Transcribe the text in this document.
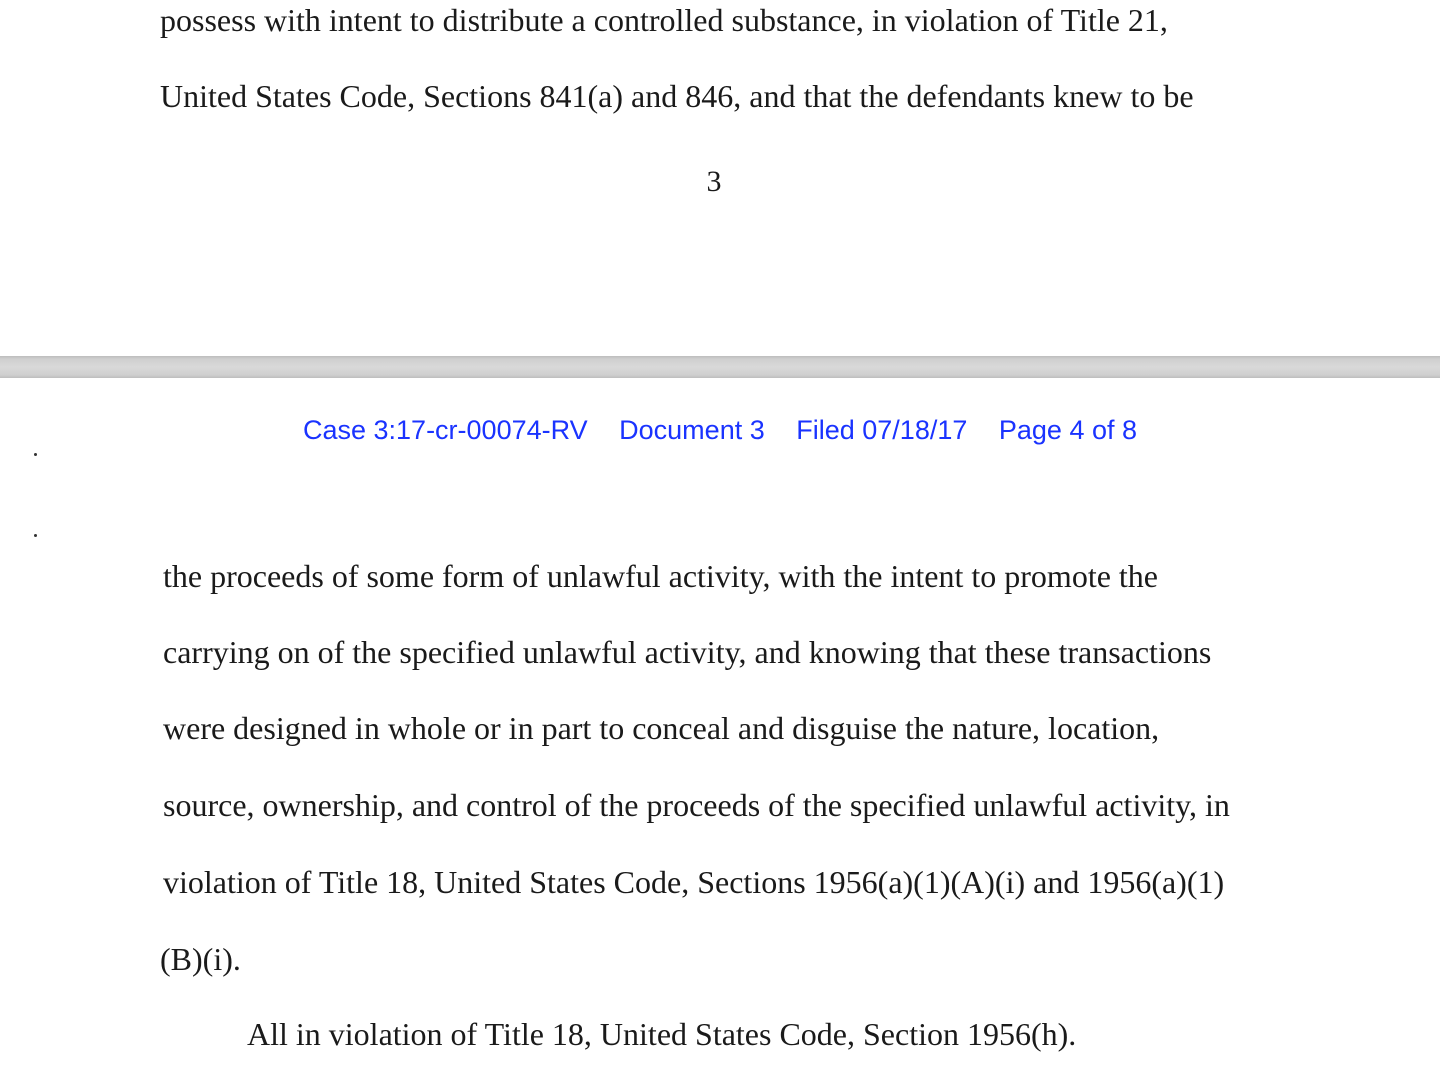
possess with intent to distribute a controlled substance, in violation of Title 21,

United States Code, Sections 841(a) and 846, and that the defendants knew to be

3
Case 3:17-cr-00074-RV Document 3 Filed 07/18/17 Page 4 of 8

the proceeds of some form of unlawful activity, with the intent to promote the

carrying on of the specified unlawful activity, and knowing that these transactions

were designed in whole or in part to conceal and disguise the nature, location,

source, ownership, and control of the proceeds of the specified unlawful activity, in

violation of Title 18, United States Code, Sections 1956(a)(1)(A)(i) and 1956(a)(1)

(B)(i).

All in violation of Title 18, United States Code, Section 1956(h).
